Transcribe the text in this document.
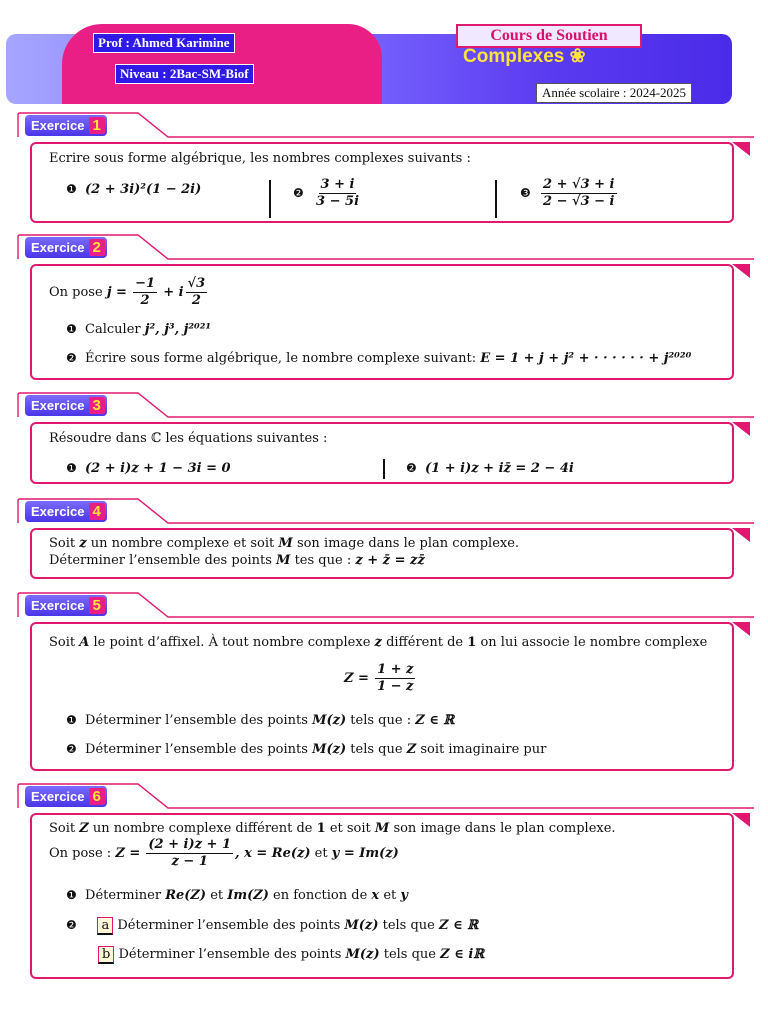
Prof : Ahmed Karimine
Niveau : 2Bac-SM-Biof
Cours de Soutien
Complexes ❀
Année scolaire : 2024-2025
Exercice 1
Ecrire sous forme algébrique, les nombres complexes suivants :
❶ (2 + 3i)²(1 − 2i)	❷ $\frac{3 + i}{3 - 5i}$	❸ $\frac{2 + √3 + i}{2 - √3 - i}$
Exercice 2
On pose $j = \frac{-1}{2} + i \frac{√3}{2}$
❶ Calculer j², j³, j²⁰²¹
❷ Écrire sous forme algébrique, le nombre complexe suivant: E = 1 + j + j² + · · · · · · + j²⁰²⁰
Exercice 3
Résoudre dans ℂ les équations suivantes :
❶ (2 + i)z + 1 − 3i = 0	❷ (1 + i)z + iz̄ = 2 − 4i
Exercice 4
Soit z un nombre complexe et soit M son image dans le plan complexe.
Déterminer l’ensemble des points M tes que : z + z̄ = zz̄
Exercice 5
Soit A le point d’affixel. À tout nombre complexe z différent de 1 on lui associe le nombre complexe
$Z = \frac{1 + z}{1 - z}$
❶ Déterminer l’ensemble des points M(z) tels que : Z ∈ ℝ
❷ Déterminer l’ensemble des points M(z) tels que Z soit imaginaire pur
Exercice 6
Soit Z un nombre complexe différent de 1 et soit M son image dans le plan complexe.
On pose : $Z = \frac{(2 + i)z + 1}{z - 1}$ , x = Re(z) et y = Im(z)
❶ Déterminer Re(Z) et Im(Z) en fonction de x et y
❷ a Déterminer l’ensemble des points M(z) tels que Z ∈ ℝ
b Déterminer l’ensemble des points M(z) tels que Z ∈ iℝ
